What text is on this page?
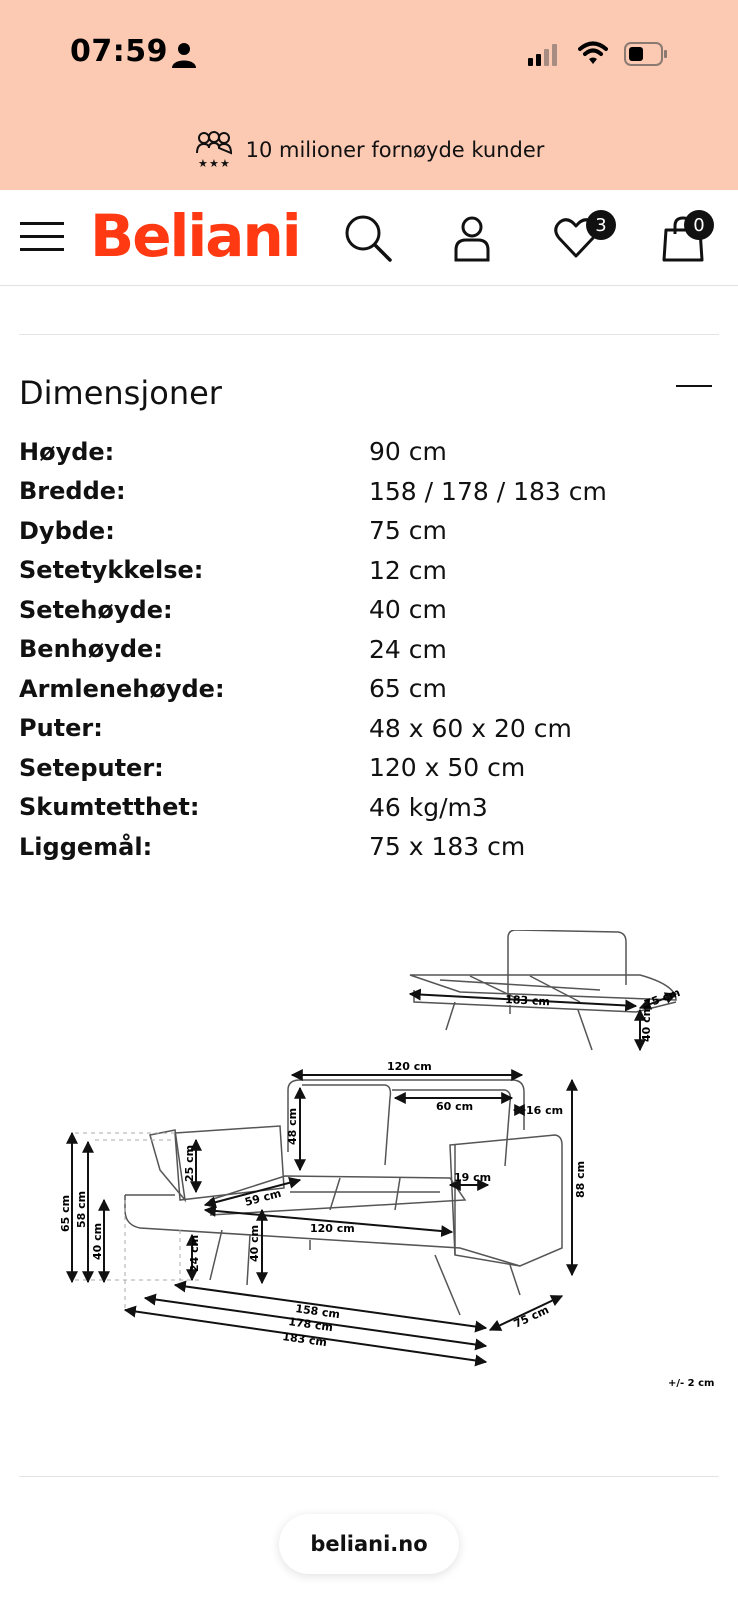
07:59
★ ★ ★
10 milioner fornøyde kunder
Beliani	3	0
Dimensjoner
Høyde:	90 cm
Bredde:	158 / 178 / 183 cm
Dybde:	75 cm
Setetykkelse:	12 cm
Setehøyde:	40 cm
Benhøyde:	24 cm
Armlenehøyde:	65 cm
Puter:	48 x 60 x 20 cm
Seteputer:	120 x 50 cm
Skumtetthet:	46 kg/m3
Liggemål:	75 x 183 cm
183 cm	75 cm
40 cm
120 cm
60 cm	16 cm
48 cm
88 cm
25 cm	19 cm
59 cm
120 cm
40 cm
24 cm
65 cm 58 cm
40 cm
158 cm
178 cm
183 cm
75 cm
+/- 2 cm
beliani.no
